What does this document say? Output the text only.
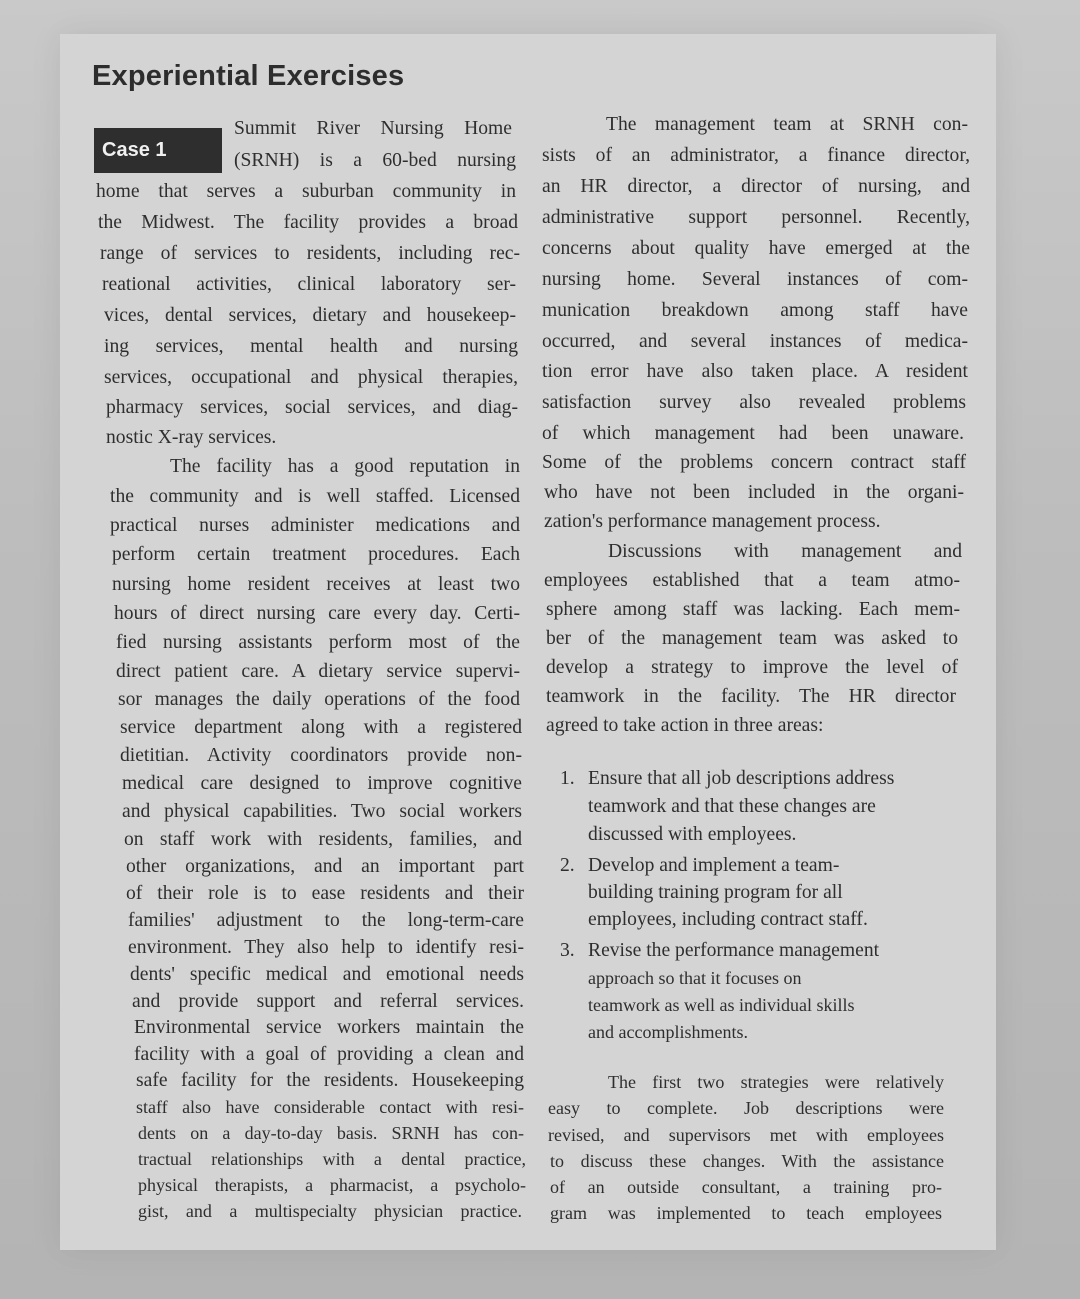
Experiential Exercises
Case 1
Summit River Nursing Home
(SRNH) is a 60-bed nursing
home that serves a suburban community in
the Midwest. The facility provides a broad
range of services to residents, including rec-
reational activities, clinical laboratory ser-
vices, dental services, dietary and housekeep-
ing services, mental health and nursing
services, occupational and physical therapies,
pharmacy services, social services, and diag-
nostic X-ray services.
The facility has a good reputation in
the community and is well staffed. Licensed
practical nurses administer medications and
perform certain treatment procedures. Each
nursing home resident receives at least two
hours of direct nursing care every day. Certi-
fied nursing assistants perform most of the
direct patient care. A dietary service supervi-
sor manages the daily operations of the food
service department along with a registered
dietitian. Activity coordinators provide non-
medical care designed to improve cognitive
and physical capabilities. Two social workers
on staff work with residents, families, and
other organizations, and an important part
of their role is to ease residents and their
families' adjustment to the long-term-care
environment. They also help to identify resi-
dents' specific medical and emotional needs
and provide support and referral services.
Environmental service workers maintain the
facility with a goal of providing a clean and
safe facility for the residents. Housekeeping
staff also have considerable contact with resi-
dents on a day-to-day basis. SRNH has con-
tractual relationships with a dental practice,
physical therapists, a pharmacist, a psycholo-
gist, and a multispecialty physician practice.
The management team at SRNH con-
sists of an administrator, a finance director,
an HR director, a director of nursing, and
administrative support personnel. Recently,
concerns about quality have emerged at the
nursing home. Several instances of com-
munication breakdown among staff have
occurred, and several instances of medica-
tion error have also taken place. A resident
satisfaction survey also revealed problems
of which management had been unaware.
Some of the problems concern contract staff
who have not been included in the organi-
zation's performance management process.
Discussions with management and
employees established that a team atmo-
sphere among staff was lacking. Each mem-
ber of the management team was asked to
develop a strategy to improve the level of
teamwork in the facility. The HR director
agreed to take action in three areas:
1. Ensure that all job descriptions address
teamwork and that these changes are
discussed with employees.
2. Develop and implement a team-
building training program for all
employees, including contract staff.
3. Revise the performance management
approach so that it focuses on
teamwork as well as individual skills
and accomplishments.
The first two strategies were relatively
easy to complete. Job descriptions were
revised, and supervisors met with employees
to discuss these changes. With the assistance
of an outside consultant, a training pro-
gram was implemented to teach employees
